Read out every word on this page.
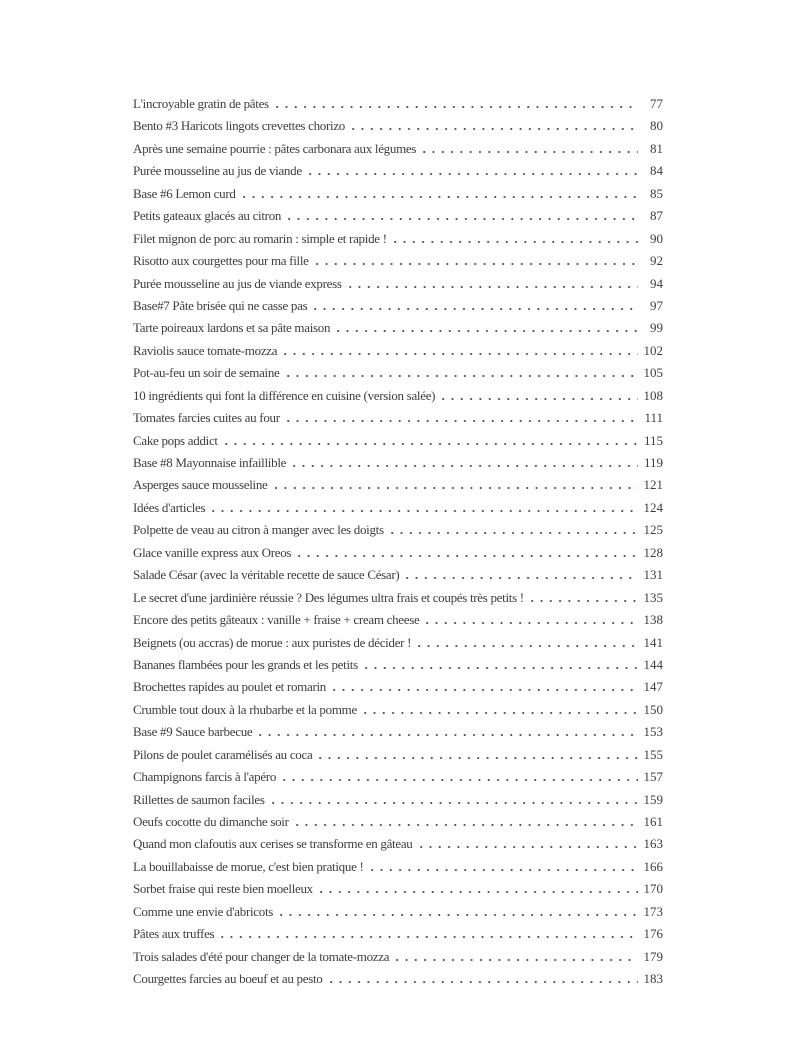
L'incroyable gratin de pâtes	77
Bento #3 Haricots lingots crevettes chorizo	80
Après une semaine pourrie : pâtes carbonara aux légumes	81
Purée mousseline au jus de viande	84
Base #6 Lemon curd	85
Petits gateaux glacés au citron	87
Filet mignon de porc au romarin : simple et rapide !	90
Risotto aux courgettes pour ma fille	92
Purée mousseline au jus de viande express	94
Base#7 Pâte brisée qui ne casse pas	97
Tarte poireaux lardons et sa pâte maison	99
Raviolis sauce tomate-mozza	102
Pot-au-feu un soir de semaine	105
10 ingrédients qui font la différence en cuisine (version salée)	108
Tomates farcies cuites au four	111
Cake pops addict	115
Base #8 Mayonnaise infaillible	119
Asperges sauce mousseline	121
Idées d'articles	124
Polpette de veau au citron à manger avec les doigts	125
Glace vanille express aux Oreos	128
Salade César (avec la véritable recette de sauce César)	131
Le secret d'une jardinière réussie ? Des légumes ultra frais et coupés très petits !	135
Encore des petits gâteaux : vanille + fraise + cream cheese	138
Beignets (ou accras) de morue : aux puristes de décider !	141
Bananes flambées pour les grands et les petits	144
Brochettes rapides au poulet et romarin	147
Crumble tout doux à la rhubarbe et la pomme	150
Base #9 Sauce barbecue	153
Pilons de poulet caramélisés au coca	155
Champignons farcis à l'apéro	157
Rillettes de saumon faciles	159
Oeufs cocotte du dimanche soir	161
Quand mon clafoutis aux cerises se transforme en gâteau	163
La bouillabaisse de morue, c'est bien pratique !	166
Sorbet fraise qui reste bien moelleux	170
Comme une envie d'abricots	173
Pâtes aux truffes	176
Trois salades d'été pour changer de la tomate-mozza	179
Courgettes farcies au boeuf et au pesto	183
